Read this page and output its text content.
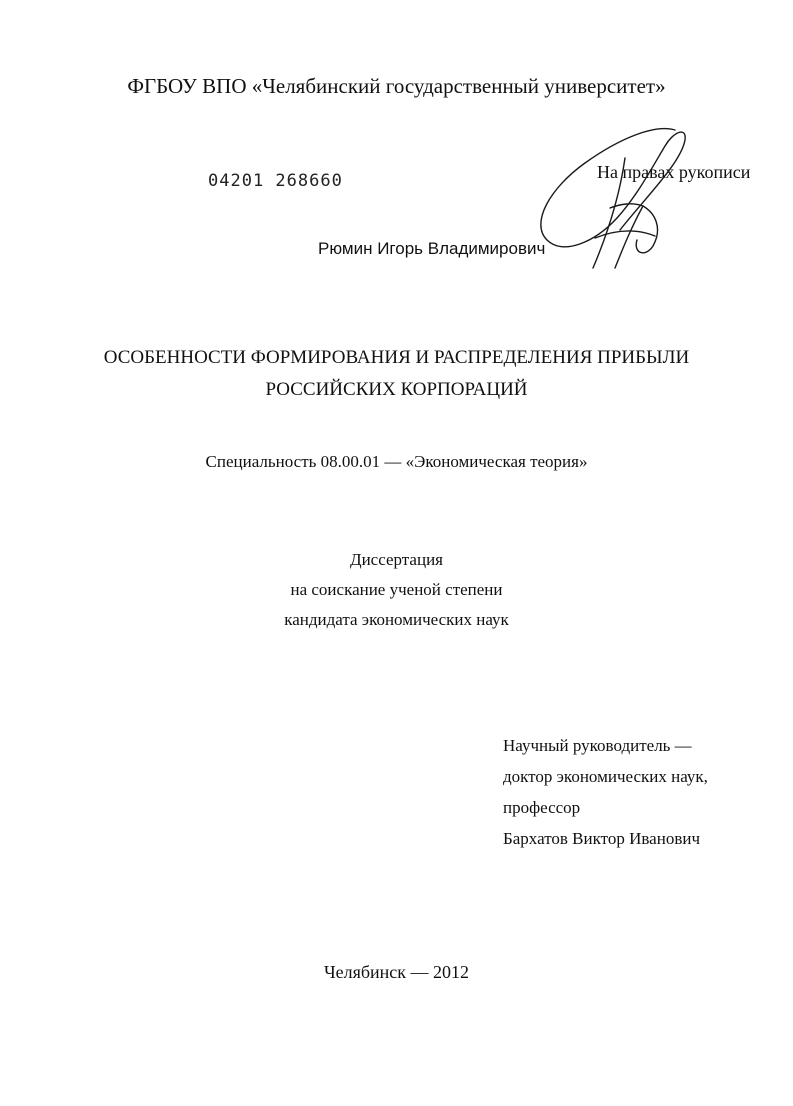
ФГБОУ ВПО «Челябинский государственный университет»
04201 268660	На правах рукописи
Рюмин Игорь Владимирович
ОСОБЕННОСТИ ФОРМИРОВАНИЯ И РАСПРЕДЕЛЕНИЯ ПРИБЫЛИ
РОССИЙСКИХ КОРПОРАЦИЙ
Специальность 08.00.01 — «Экономическая теория»
Диссертация
на соискание ученой степени
кандидата экономических наук
Научный руководитель —
доктор экономических наук,
профессор
Бархатов Виктор Иванович
Челябинск — 2012
